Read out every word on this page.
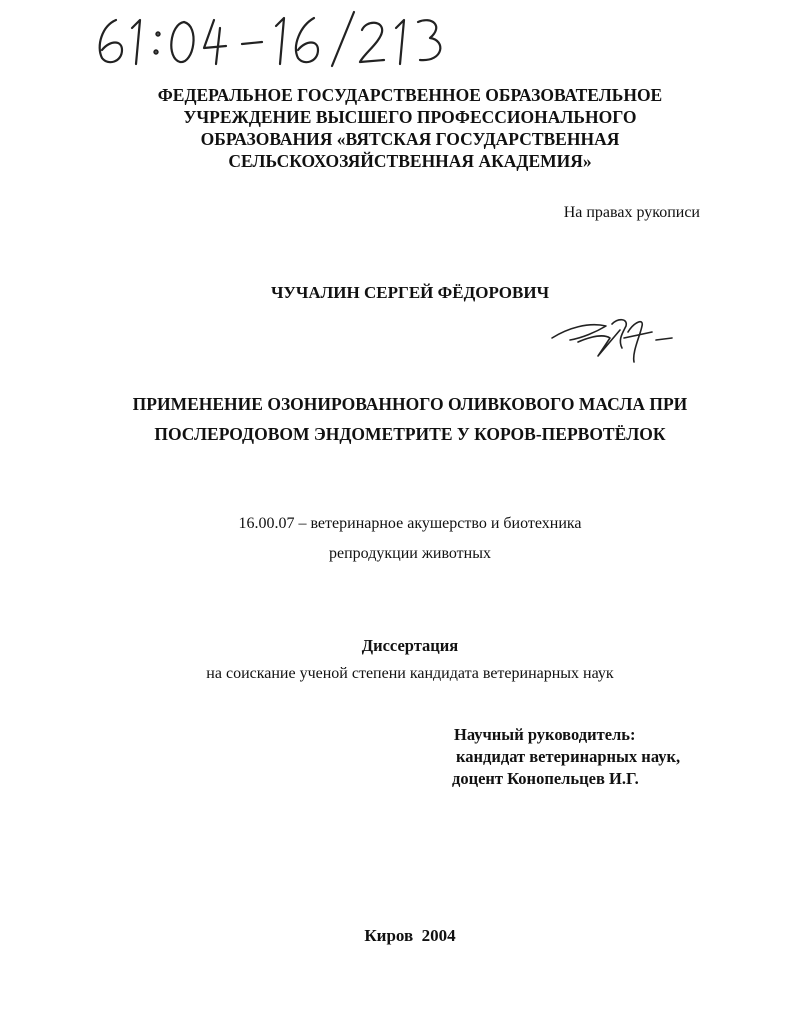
ФЕДЕРАЛЬНОЕ ГОСУДАРСТВЕННОЕ ОБРАЗОВАТЕЛЬНОЕ
УЧРЕЖДЕНИЕ ВЫСШЕГО ПРОФЕССИОНАЛЬНОГО
ОБРАЗОВАНИЯ «ВЯТСКАЯ ГОСУДАРСТВЕННАЯ
СЕЛЬСКОХОЗЯЙСТВЕННАЯ АКАДЕМИЯ»
На правах рукописи
ЧУЧАЛИН СЕРГЕЙ ФЁДОРОВИЧ
ПРИМЕНЕНИЕ ОЗОНИРОВАННОГО ОЛИВКОВОГО МАСЛА ПРИ
ПОСЛЕРОДОВОМ ЭНДОМЕТРИТЕ У КОРОВ-ПЕРВОТЁЛОК
16.00.07 – ветеринарное акушерство и биотехника
репродукции животных
Диссертация
на соискание ученой степени кандидата ветеринарных наук
Научный руководитель:
кандидат ветеринарных наук,
доцент Конопельцев И.Г.
Киров  2004
